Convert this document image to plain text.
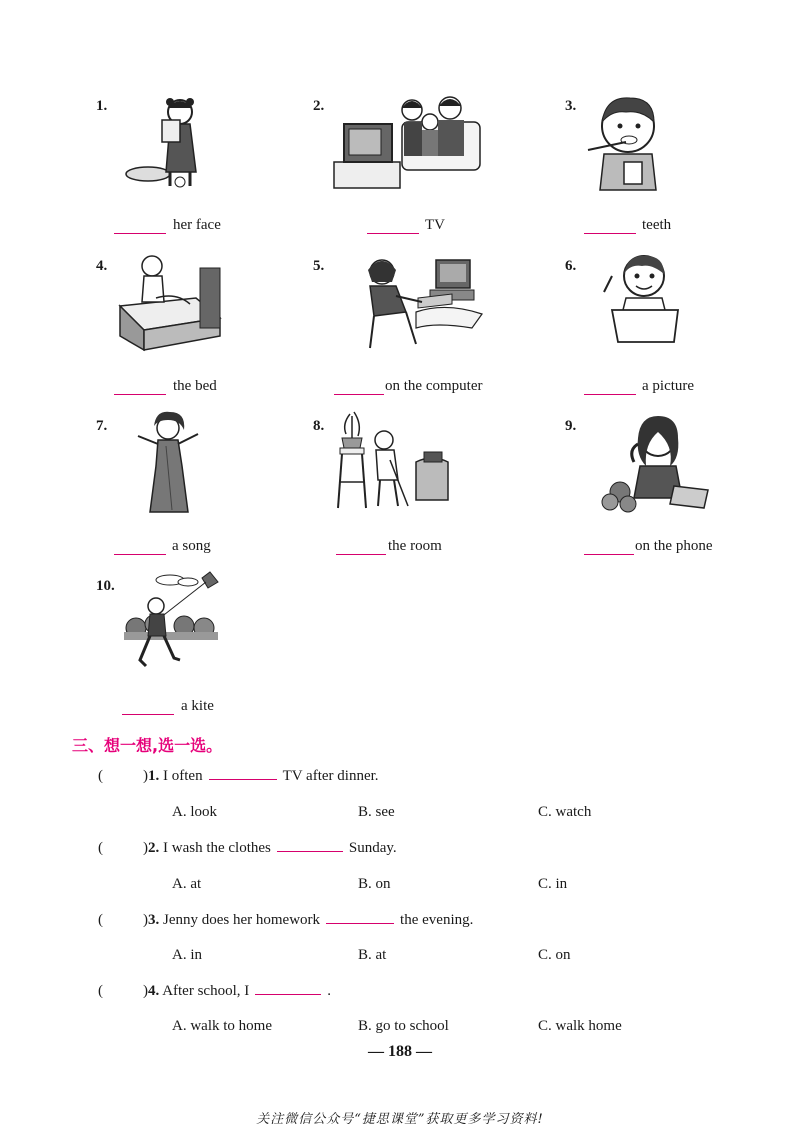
1.	2.	3.
her face	TV	teeth
4.	5.	6.
the bed	on the computer	a picture
7.	8.	9.
a song	the room	on the phone
10.
a kite
三、想一想,选一选。
(	)1. I often	TV after dinner.
A. look	B. see	C. watch
(	)2. I wash the clothes	Sunday.
A. at	B. on	C. in
(	)3. Jenny does her homework	the evening.
A. in	B. at	C. on
(	)4. After school, I	.
A. walk to home	B. go to school	C. walk home
— 188 —
关注微信公众号“捷思课堂”获取更多学习资料!
